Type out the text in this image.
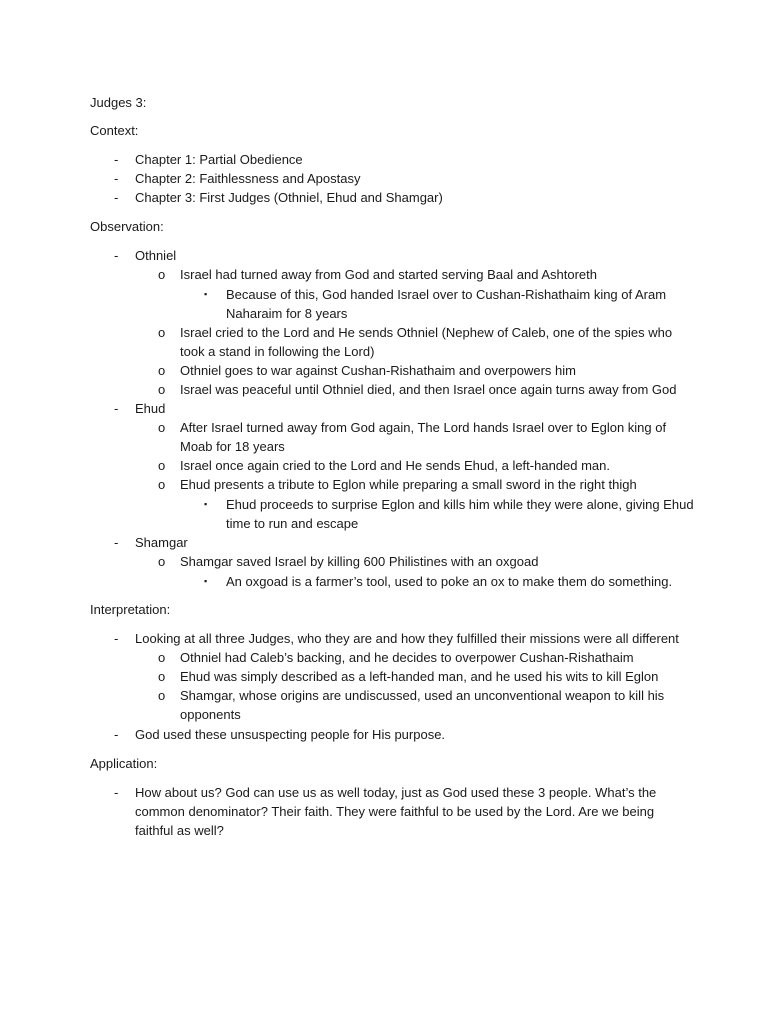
Judges 3:
Context:
- Chapter 1: Partial Obedience
- Chapter 2: Faithlessness and Apostasy
- Chapter 3: First Judges (Othniel, Ehud and Shamgar)
Observation:
- Othniel
o Israel had turned away from God and started serving Baal and Ashtoreth
▪ Because of this, God handed Israel over to Cushan-Rishathaim king of Aram
Naharaim for 8 years
o Israel cried to the Lord and He sends Othniel (Nephew of Caleb, one of the spies who
took a stand in following the Lord)
o Othniel goes to war against Cushan-Rishathaim and overpowers him
o Israel was peaceful until Othniel died, and then Israel once again turns away from God
- Ehud
o After Israel turned away from God again, The Lord hands Israel over to Eglon king of
Moab for 18 years
o Israel once again cried to the Lord and He sends Ehud, a left-handed man.
o Ehud presents a tribute to Eglon while preparing a small sword in the right thigh
▪ Ehud proceeds to surprise Eglon and kills him while they were alone, giving Ehud
time to run and escape
- Shamgar
o Shamgar saved Israel by killing 600 Philistines with an oxgoad
▪ An oxgoad is a farmer’s tool, used to poke an ox to make them do something.
Interpretation:
- Looking at all three Judges, who they are and how they fulfilled their missions were all different
o Othniel had Caleb’s backing, and he decides to overpower Cushan-Rishathaim
o Ehud was simply described as a left-handed man, and he used his wits to kill Eglon
o Shamgar, whose origins are undiscussed, used an unconventional weapon to kill his
opponents
- God used these unsuspecting people for His purpose.
Application:
- How about us? God can use us as well today, just as God used these 3 people. What’s the
common denominator? Their faith. They were faithful to be used by the Lord. Are we being
faithful as well?
